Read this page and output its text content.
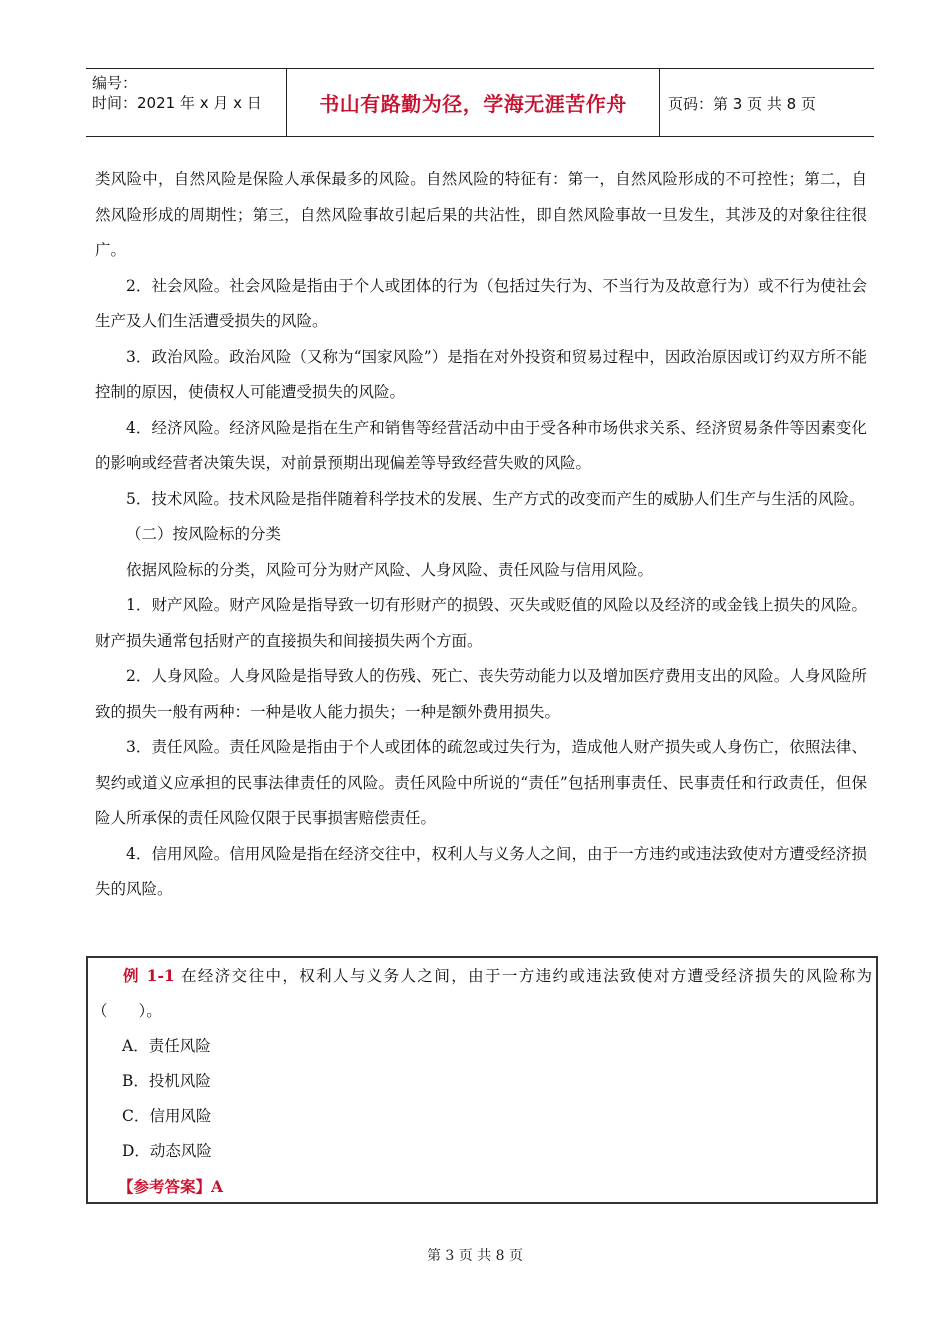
编号：
时间：2021 年 x 月 x 日	书山有路勤为径，学海无涯苦作舟	页码：第 3 页 共 8 页

类风险中，自然风险是保险人承保最多的风险。自然风险的特征有：第一，自然风险形成的不可控性；第二，自然风险形成的周期性；第三，自然风险事故引起后果的共沾性，即自然风险事故一旦发生，其涉及的对象往往很广。

2．社会风险。社会风险是指由于个人或团体的行为（包括过失行为、不当行为及故意行为）或不行为使社会生产及人们生活遭受损失的风险。

3．政治风险。政治风险（又称为“国家风险”）是指在对外投资和贸易过程中，因政治原因或订约双方所不能控制的原因，使债权人可能遭受损失的风险。

4．经济风险。经济风险是指在生产和销售等经营活动中由于受各种市场供求关系、经济贸易条件等因素变化的影响或经营者决策失误，对前景预期出现偏差等导致经营失败的风险。

5．技术风险。技术风险是指伴随着科学技术的发展、生产方式的改变而产生的威胁人们生产与生活的风险。

（二）按风险标的分类

依据风险标的分类，风险可分为财产风险、人身风险、责任风险与信用风险。

1．财产风险。财产风险是指导致一切有形财产的损毁、灭失或贬值的风险以及经济的或金钱上损失的风险。财产损失通常包括财产的直接损失和间接损失两个方面。

2．人身风险。人身风险是指导致人的伤残、死亡、丧失劳动能力以及增加医疗费用支出的风险。人身风险所致的损失一般有两种：一种是收人能力损失；一种是额外费用损失。

3．责任风险。责任风险是指由于个人或团体的疏忽或过失行为，造成他人财产损失或人身伤亡，依照法律、契约或道义应承担的民事法律责任的风险。责任风险中所说的“责任”包括刑事责任、民事责任和行政责任，但保险人所承保的责任风险仅限于民事损害赔偿责任。

4．信用风险。信用风险是指在经济交往中，权利人与义务人之间，由于一方违约或违法致使对方遭受经济损失的风险。

例 1-1 在经济交往中，权利人与义务人之间，由于一方违约或违法致使对方遭受经济损失的风险称为（　　）。

A．责任风险

B．投机风险

C．信用风险

D．动态风险

【参考答案】A

第 3 页 共 8 页
